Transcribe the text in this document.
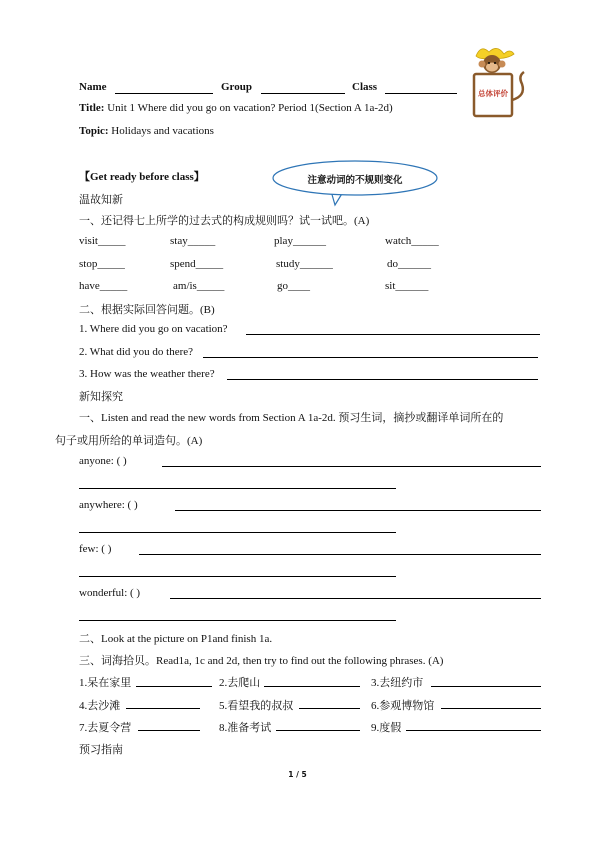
Name	Group	Class
Title: Unit 1 Where did you go on vacation? Period 1(Section A 1a-2d)
Topic: Holidays and vacations
总体评价
【Get ready before class】	注意动词的不规则变化
温故知新
一、还记得七上所学的过去式的构成规则吗？试一试吧。(A)
visit_____	stay_____	play______	watch_____
stop_____	spend_____	study______	do______
have_____	am/is_____	go____	sit______
二、根据实际回答问题。(B)
1. Where did you go on vacation?
2. What did you do there?
3. How was the weather there?
新知探究
一、Listen and read the new words from Section A 1a-2d. 预习生词，摘抄或翻译单词所在的
句子或用所给的单词造句。(A)
anyone: ( )
anywhere: ( )
few: ( )
wonderful: ( )
二、Look at the picture on P1and finish 1a.
三、词海拾贝。Read1a, 1c and 2d, then try to find out the following phrases. (A)
1.呆在家里	2.去爬山	3.去纽约市
4.去沙滩	5.看望我的叔叔	6.参观博物馆
7.去夏令营	8.准备考试	9.度假
预习指南
1 / 5
